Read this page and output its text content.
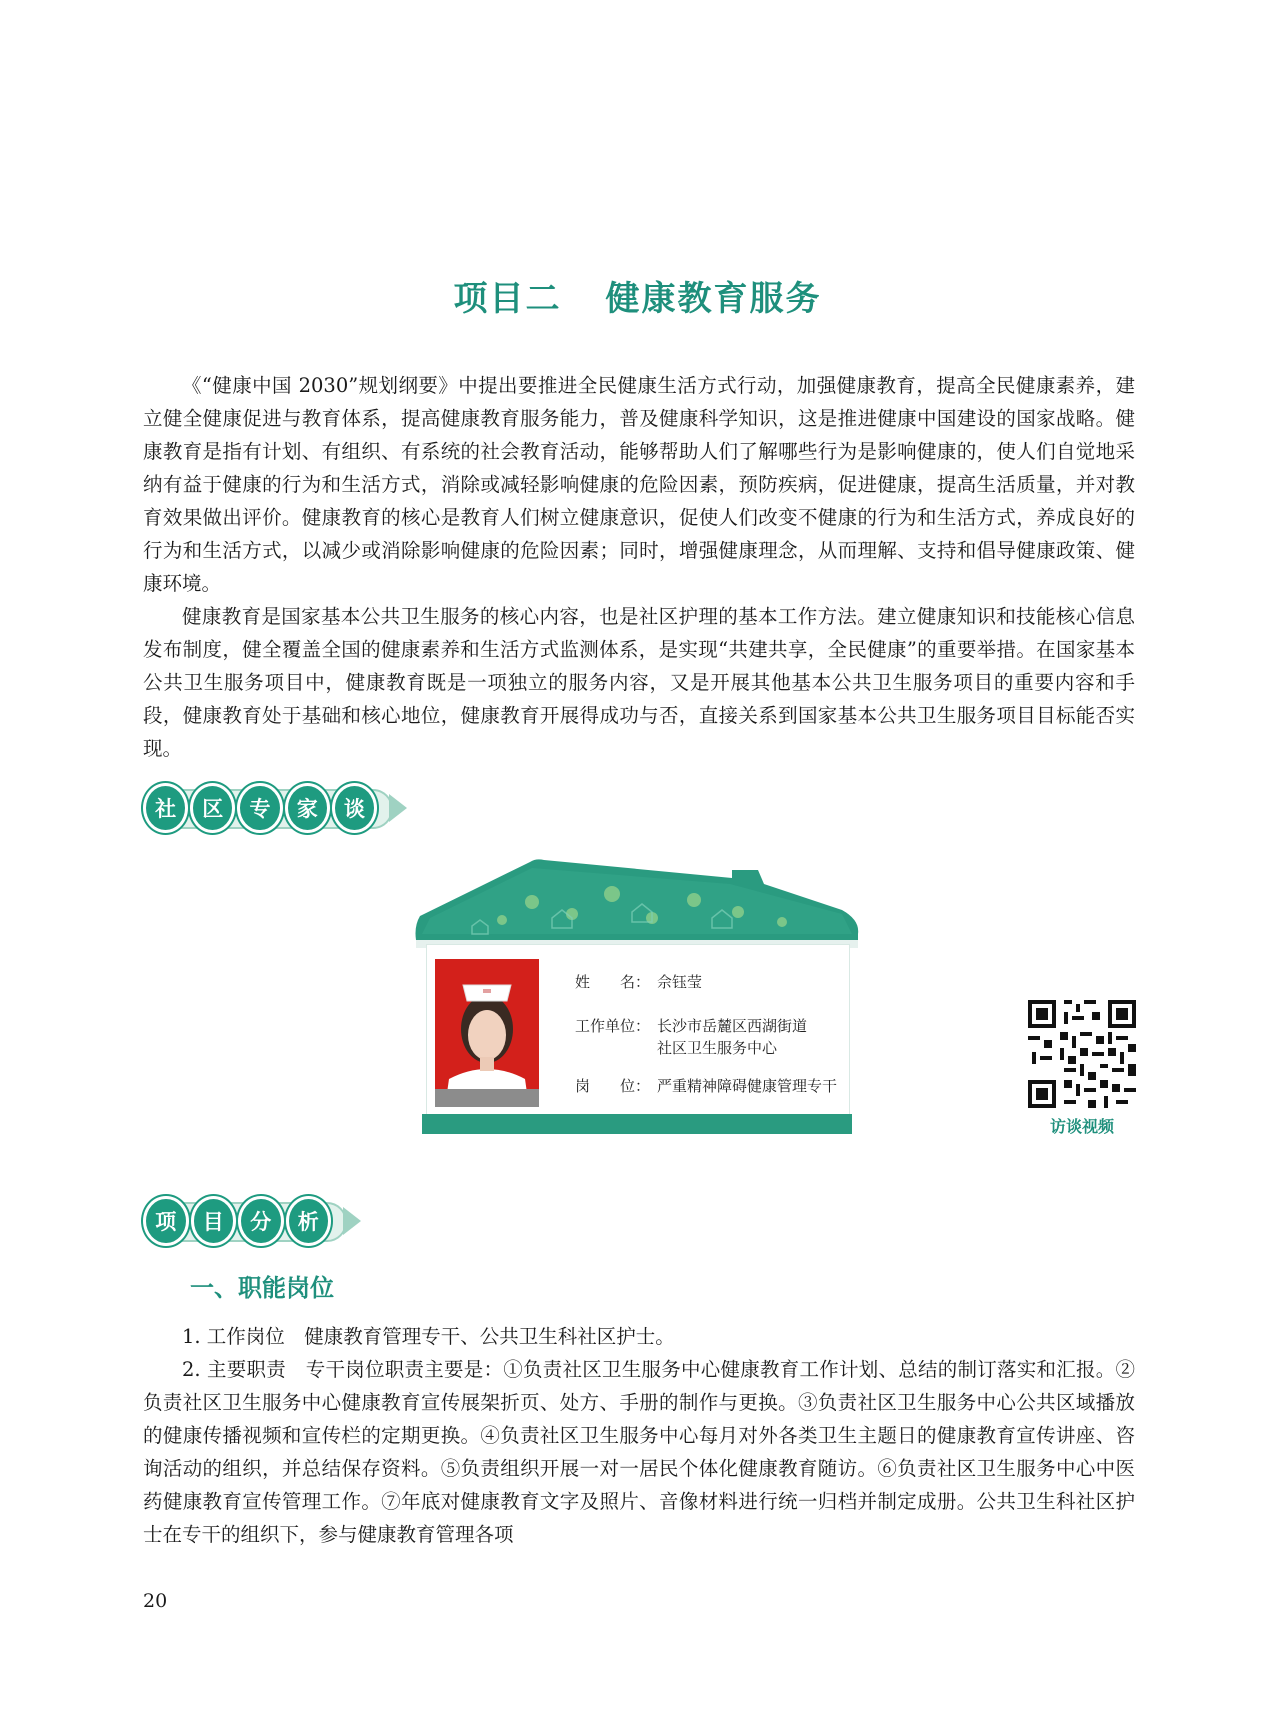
项目二 健康教育服务

《“健康中国 2030”规划纲要》中提出要推进全民健康生活方式行动，加强健康教育，提高全民健康素养，建立健全健康促进与教育体系，提高健康教育服务能力，普及健康科学知识，这是推进健康中国建设的国家战略。健康教育是指有计划、有组织、有系统的社会教育活动，能够帮助人们了解哪些行为是影响健康的，使人们自觉地采纳有益于健康的行为和生活方式，消除或减轻影响健康的危险因素，预防疾病，促进健康，提高生活质量，并对教育效果做出评价。健康教育的核心是教育人们树立健康意识，促使人们改变不健康的行为和生活方式，养成良好的行为和生活方式，以减少或消除影响健康的危险因素；同时，增强健康理念，从而理解、支持和倡导健康政策、健康环境。

健康教育是国家基本公共卫生服务的核心内容，也是社区护理的基本工作方法。建立健康知识和技能核心信息发布制度，健全覆盖全国的健康素养和生活方式监测体系，是实现“共建共享，全民健康”的重要举措。在国家基本公共卫生服务项目中，健康教育既是一项独立的服务内容，又是开展其他基本公共卫生服务项目的重要内容和手段，健康教育处于基础和核心地位，健康教育开展得成功与否，直接关系到国家基本公共卫生服务项目目标能否实现。

社	区	专	家	谈
姓　　名： 佘钰莹
工作单位： 长沙市岳麓区西湖街道
社区卫生服务中心
岗　　位： 严重精神障碍健康管理专干
访谈视频
项	目	分	析
一、职能岗位

1. 工作岗位　健康教育管理专干、公共卫生科社区护士。

2. 主要职责　专干岗位职责主要是：①负责社区卫生服务中心健康教育工作计划、总结的制订落实和汇报。②负责社区卫生服务中心健康教育宣传展架折页、处方、手册的制作与更换。③负责社区卫生服务中心公共区域播放的健康传播视频和宣传栏的定期更换。④负责社区卫生服务中心每月对外各类卫生主题日的健康教育宣传讲座、咨询活动的组织，并总结保存资料。⑤负责组织开展一对一居民个体化健康教育随访。⑥负责社区卫生服务中心中医药健康教育宣传管理工作。⑦年底对健康教育文字及照片、音像材料进行统一归档并制定成册。公共卫生科社区护士在专干的组织下，参与健康教育管理各项

20
